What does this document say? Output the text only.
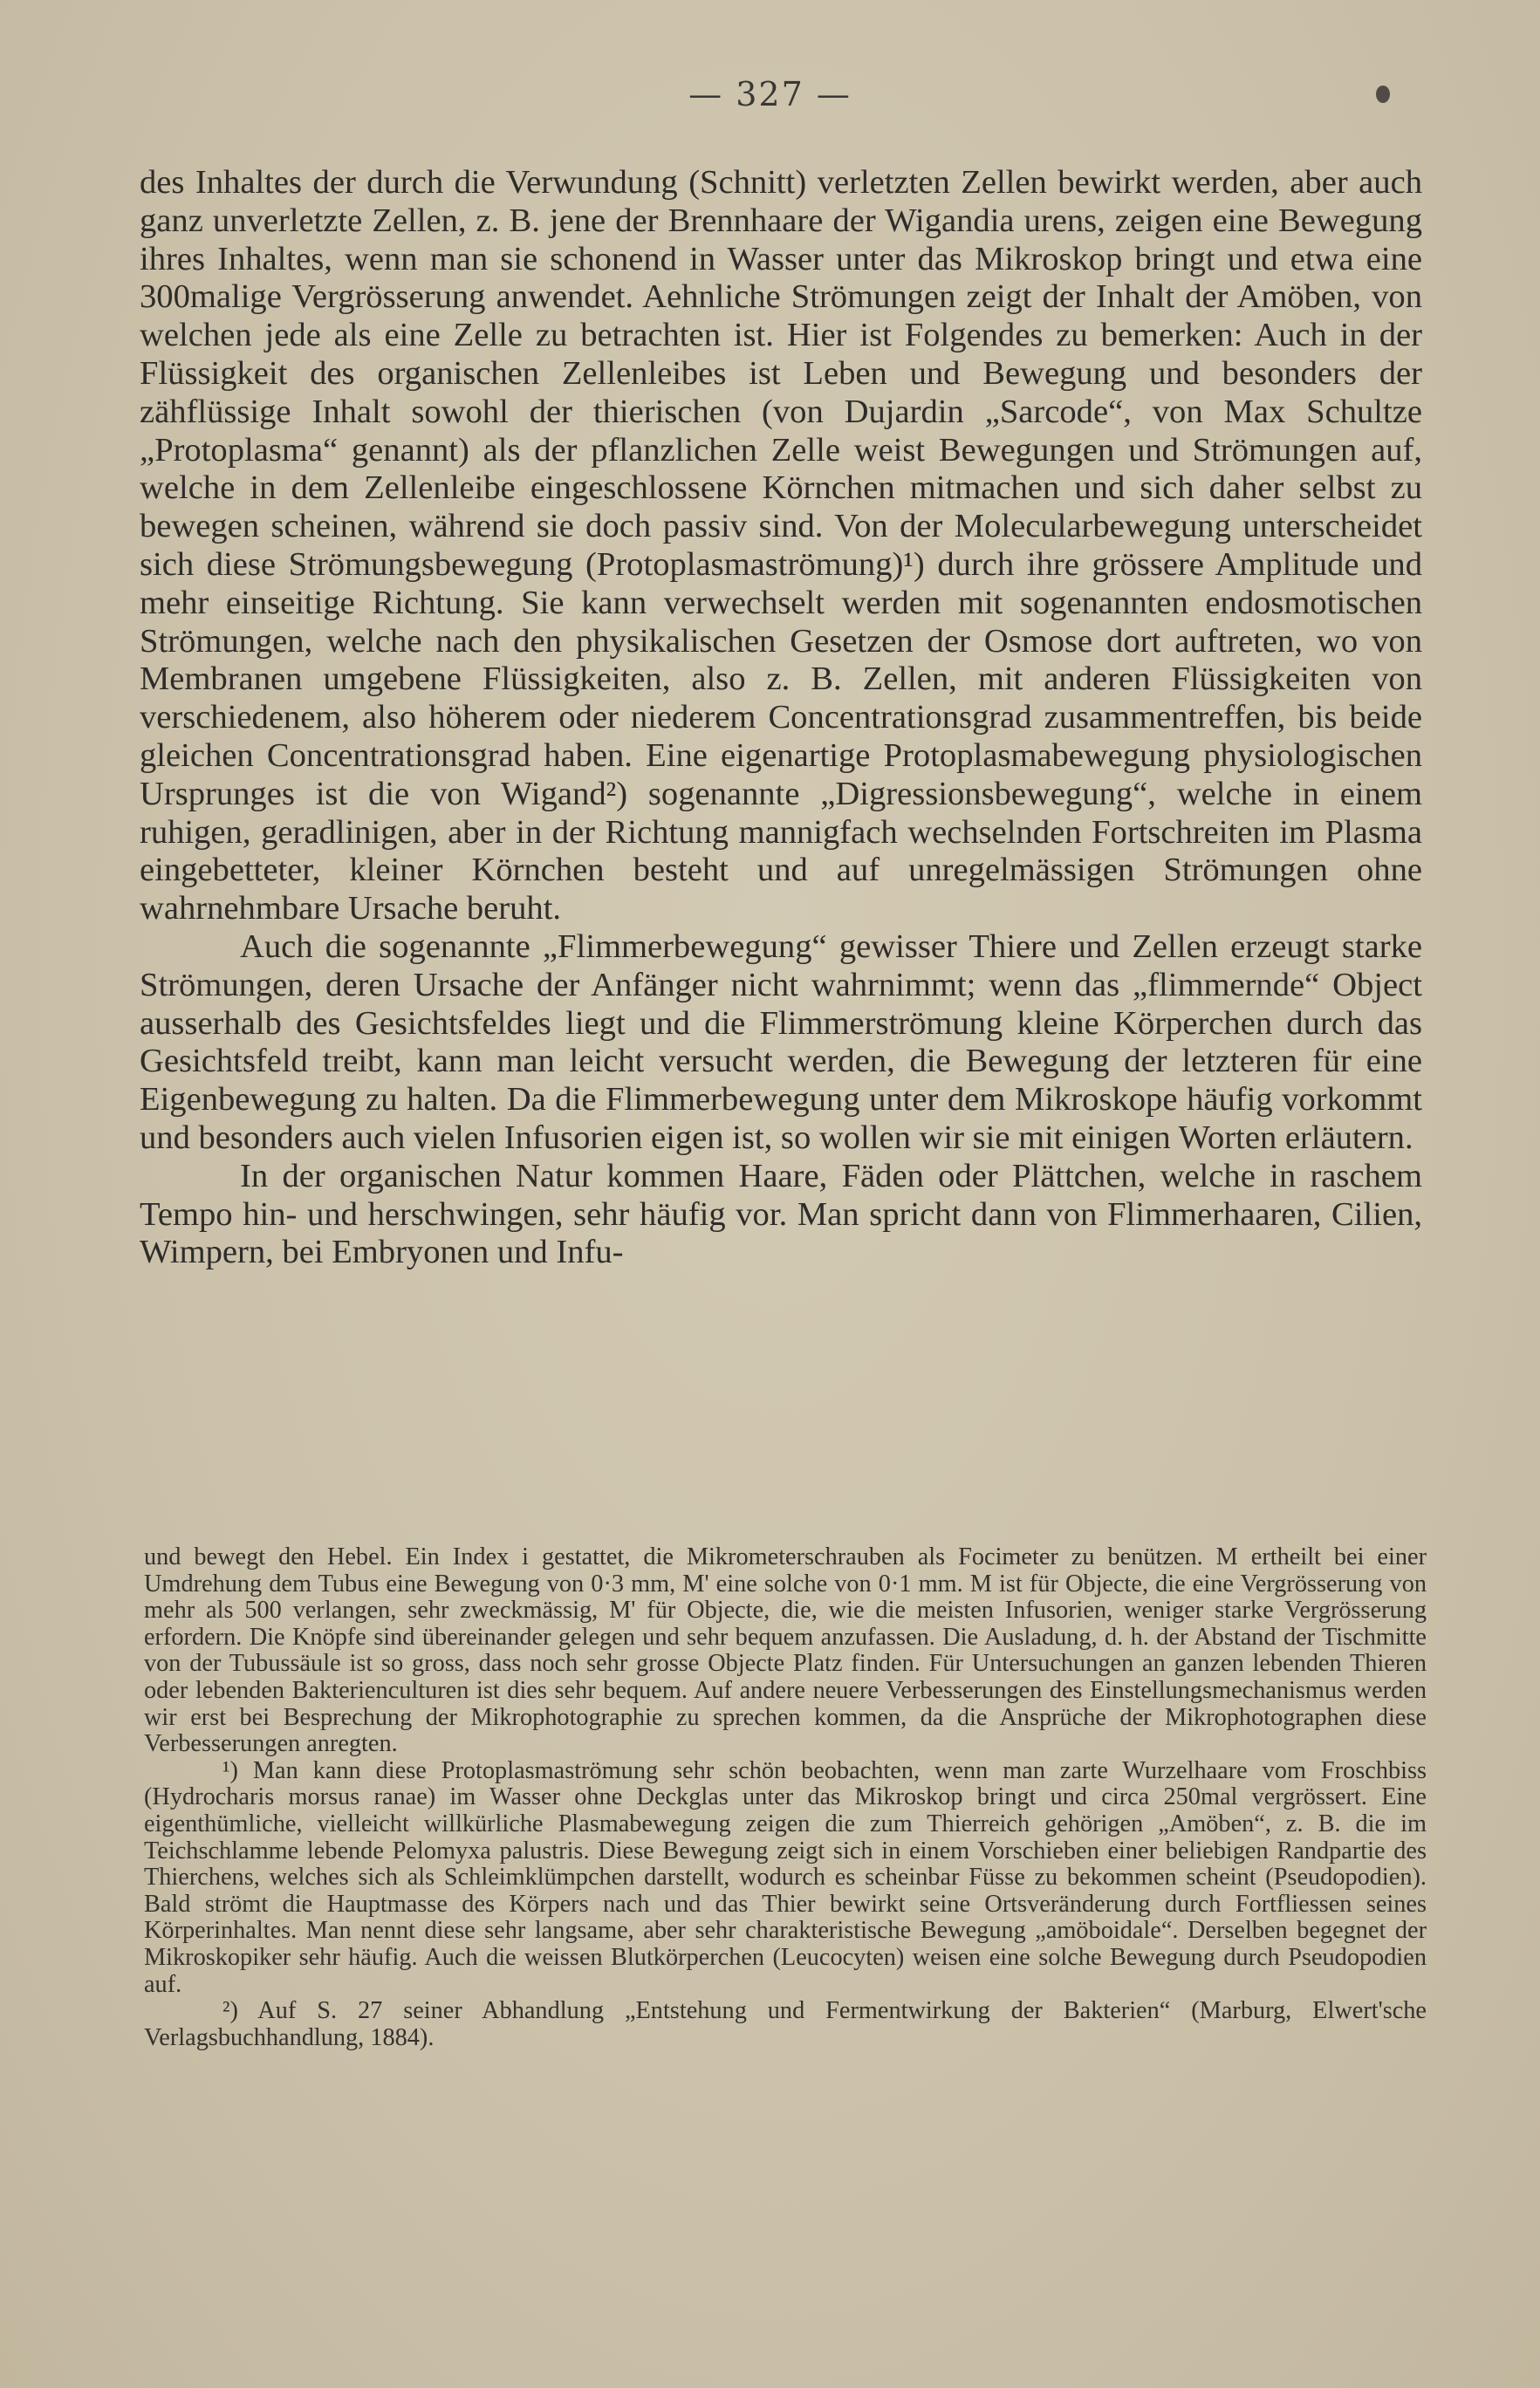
— 327 —

des Inhaltes der durch die Verwundung (Schnitt) verletzten Zellen bewirkt werden, aber auch ganz unverletzte Zellen, z. B. jene der Brennhaare der Wigandia urens, zeigen eine Bewegung ihres Inhaltes, wenn man sie schonend in Wasser unter das Mikroskop bringt und etwa eine 300malige Vergrösserung anwendet. Aehnliche Strömungen zeigt der Inhalt der Amöben, von welchen jede als eine Zelle zu betrachten ist. Hier ist Folgendes zu bemerken: Auch in der Flüssigkeit des organischen Zellenleibes ist Leben und Bewegung und besonders der zähflüssige Inhalt sowohl der thierischen (von Dujardin „Sarcode“, von Max Schultze „Protoplasma“ genannt) als der pflanzlichen Zelle weist Bewegungen und Strömungen auf, welche in dem Zellenleibe eingeschlossene Körnchen mitmachen und sich daher selbst zu bewegen scheinen, während sie doch passiv sind. Von der Molecularbewegung unterscheidet sich diese Strömungsbewegung (Protoplasmaströmung)¹) durch ihre grössere Amplitude und mehr einseitige Richtung. Sie kann verwechselt werden mit sogenannten endosmotischen Strömungen, welche nach den physikalischen Gesetzen der Osmose dort auftreten, wo von Membranen umgebene Flüssigkeiten, also z. B. Zellen, mit anderen Flüssigkeiten von verschiedenem, also höherem oder niederem Concentrationsgrad zusammentreffen, bis beide gleichen Concentrationsgrad haben. Eine eigenartige Protoplasmabewegung physiologischen Ursprunges ist die von Wigand²) sogenannte „Digressionsbewegung“, welche in einem ruhigen, geradlinigen, aber in der Richtung mannigfach wechselnden Fortschreiten im Plasma eingebetteter, kleiner Körnchen besteht und auf unregelmässigen Strömungen ohne wahrnehmbare Ursache beruht.

Auch die sogenannte „Flimmerbewegung“ gewisser Thiere und Zellen erzeugt starke Strömungen, deren Ursache der Anfänger nicht wahrnimmt; wenn das „flimmernde“ Object ausserhalb des Gesichtsfeldes liegt und die Flimmerströmung kleine Körperchen durch das Gesichtsfeld treibt, kann man leicht versucht werden, die Bewegung der letzteren für eine Eigenbewegung zu halten. Da die Flimmerbewegung unter dem Mikroskope häufig vorkommt und besonders auch vielen Infusorien eigen ist, so wollen wir sie mit einigen Worten erläutern.

In der organischen Natur kommen Haare, Fäden oder Plättchen, welche in raschem Tempo hin- und herschwingen, sehr häufig vor. Man spricht dann von Flimmerhaaren, Cilien, Wimpern, bei Embryonen und Infu-

und bewegt den Hebel. Ein Index i gestattet, die Mikrometerschrauben als Focimeter zu benützen. M ertheilt bei einer Umdrehung dem Tubus eine Bewegung von 0·3 mm, M' eine solche von 0·1 mm. M ist für Objecte, die eine Vergrösserung von mehr als 500 verlangen, sehr zweckmässig, M' für Objecte, die, wie die meisten Infusorien, weniger starke Vergrösserung erfordern. Die Knöpfe sind übereinander gelegen und sehr bequem anzufassen. Die Ausladung, d. h. der Abstand der Tischmitte von der Tubussäule ist so gross, dass noch sehr grosse Objecte Platz finden. Für Untersuchungen an ganzen lebenden Thieren oder lebenden Bakterienculturen ist dies sehr bequem. Auf andere neuere Verbesserungen des Einstellungsmechanismus werden wir erst bei Besprechung der Mikrophotographie zu sprechen kommen, da die Ansprüche der Mikrophotographen diese Verbesserungen anregten.

¹) Man kann diese Protoplasmaströmung sehr schön beobachten, wenn man zarte Wurzelhaare vom Froschbiss (Hydrocharis morsus ranae) im Wasser ohne Deckglas unter das Mikroskop bringt und circa 250mal vergrössert. Eine eigenthümliche, vielleicht willkürliche Plasmabewegung zeigen die zum Thierreich gehörigen „Amöben“, z. B. die im Teichschlamme lebende Pelomyxa palustris. Diese Bewegung zeigt sich in einem Vorschieben einer beliebigen Randpartie des Thierchens, welches sich als Schleimklümpchen darstellt, wodurch es scheinbar Füsse zu bekommen scheint (Pseudopodien). Bald strömt die Hauptmasse des Körpers nach und das Thier bewirkt seine Ortsveränderung durch Fortfliessen seines Körperinhaltes. Man nennt diese sehr langsame, aber sehr charakteristische Bewegung „amöboidale“. Derselben begegnet der Mikroskopiker sehr häufig. Auch die weissen Blutkörperchen (Leucocyten) weisen eine solche Bewegung durch Pseudopodien auf.

²) Auf S. 27 seiner Abhandlung „Entstehung und Fermentwirkung der Bakterien“ (Marburg, Elwert'sche Verlagsbuchhandlung, 1884).
